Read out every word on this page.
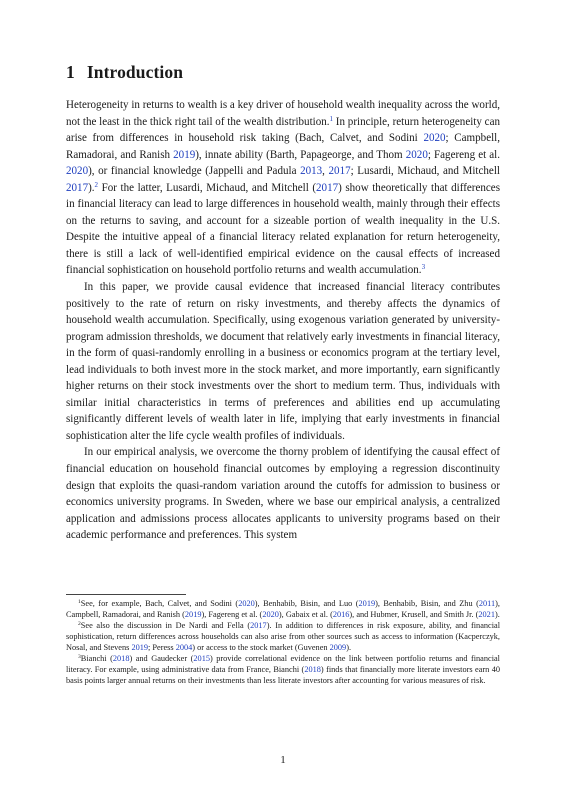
1 Introduction

Heterogeneity in returns to wealth is a key driver of household wealth inequality across the world, not the least in the thick right tail of the wealth distribution.$^1$ In principle, return heterogeneity can arise from differences in household risk taking (Bach, Calvet, and Sodini 2020; Campbell, Ramadorai, and Ranish 2019), innate ability (Barth, Papageorge, and Thom 2020; Fagereng et al. 2020), or financial knowledge (Jappelli and Padula 2013, 2017; Lusardi, Michaud, and Mitchell 2017).$^2$ For the latter, Lusardi, Michaud, and Mitchell (2017) show theoretically that differences in financial literacy can lead to large differences in household wealth, mainly through their effects on the returns to saving, and account for a sizeable portion of wealth inequality in the U.S. Despite the intuitive appeal of a financial literacy related explanation for return heterogeneity, there is still a lack of well-identified empirical evidence on the causal effects of increased financial sophistication on household portfolio returns and wealth accumulation.$^3$

In this paper, we provide causal evidence that increased financial literacy contributes positively to the rate of return on risky investments, and thereby affects the dynamics of household wealth accumulation. Specifically, using exogenous variation generated by university-program admission thresholds, we document that relatively early investments in financial literacy, in the form of quasi-randomly enrolling in a business or economics program at the tertiary level, lead individuals to both invest more in the stock market, and more importantly, earn significantly higher returns on their stock investments over the short to medium term. Thus, individuals with similar initial characteristics in terms of preferences and abilities end up accumulating significantly different levels of wealth later in life, implying that early investments in financial sophistication alter the life cycle wealth profiles of individuals.

In our empirical analysis, we overcome the thorny problem of identifying the causal effect of financial education on household financial outcomes by employing a regression discontinuity design that exploits the quasi-random variation around the cutoffs for admission to business or economics university programs. In Sweden, where we base our empirical analysis, a centralized application and admissions process allocates applicants to university programs based on their academic performance and preferences. This system

$^1$See, for example, Bach, Calvet, and Sodini (2020), Benhabib, Bisin, and Luo (2019), Benhabib, Bisin, and Zhu (2011), Campbell, Ramadorai, and Ranish (2019), Fagereng et al. (2020), Gabaix et al. (2016), and Hubmer, Krusell, and Smith Jr. (2021).

$^2$See also the discussion in De Nardi and Fella (2017). In addition to differences in risk exposure, ability, and financial sophistication, return differences across households can also arise from other sources such as access to information (Kacperczyk, Nosal, and Stevens 2019; Peress 2004) or access to the stock market (Guvenen 2009).

$^3$Bianchi (2018) and Gaudecker (2015) provide correlational evidence on the link between portfolio returns and financial literacy. For example, using administrative data from France, Bianchi (2018) finds that financially more literate investors earn 40 basis points larger annual returns on their investments than less literate investors after accounting for various measures of risk.

1
